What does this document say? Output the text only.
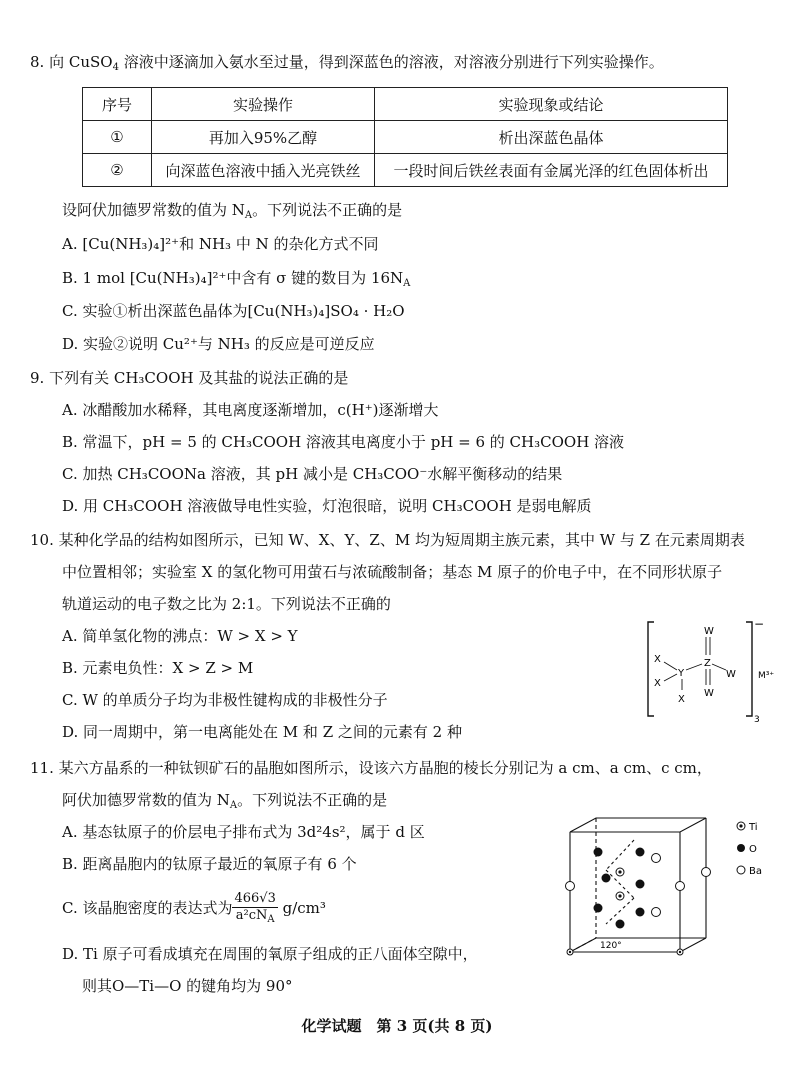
8. 向 CuSO$_4$ 溶液中逐滴加入氨水至过量，得到深蓝色的溶液，对溶液分别进行下列实验操作。
序号	实验操作	实验现象或结论
①	再加入95%乙醇	析出深蓝色晶体
②	向深蓝色溶液中插入光亮铁丝	一段时间后铁丝表面有金属光泽的红色固体析出
设阿伏加德罗常数的值为 $N_A$。下列说法不正确的是
A. [Cu(NH₃)₄]²⁺和 NH₃ 中 N 的杂化方式不同
B. 1 mol [Cu(NH₃)₄]²⁺中含有 σ 键的数目为 $16N_A$
C. 实验①析出深蓝色晶体为[Cu(NH₃)₄]SO₄ · H₂O
D. 实验②说明 Cu²⁺与 NH₃ 的反应是可逆反应
9. 下列有关 CH₃COOH 及其盐的说法正确的是
A. 冰醋酸加水稀释，其电离度逐渐增加，c(H⁺)逐渐增大
B. 常温下，pH = 5 的 CH₃COOH 溶液其电离度小于 pH = 6 的 CH₃COOH 溶液
C. 加热 CH₃COONa 溶液，其 pH 减小是 CH₃COO⁻水解平衡移动的结果
D. 用 CH₃COOH 溶液做导电性实验，灯泡很暗，说明 CH₃COOH 是弱电解质
10. 某种化学品的结构如图所示，已知 W、X、Y、Z、M 均为短周期主族元素，其中 W 与 Z 在元素周期表
中位置相邻；实验室 X 的氢化物可用萤石与浓硫酸制备；基态 M 原子的价电子中，在不同形状原子
轨道运动的电子数之比为 2:1。下列说法不正确的
A. 简单氢化物的沸点：W > X > Y
B. 元素电负性：X > Z > M
C. W 的单质分子均为非极性键构成的非极性分子
D. 同一周期中，第一电离能处在 M 和 Z 之间的元素有 2 种
−
3
M³⁺
W
Z
W
W
Y
X
X
X
11. 某六方晶系的一种钛钡矿石的晶胞如图所示，设该六方晶胞的棱长分别记为 a cm、a cm、c cm，
阿伏加德罗常数的值为 $N_A$。下列说法不正确的是
A. 基态钛原子的价层电子排布式为 3d²4s²，属于 d 区
B. 距离晶胞内的钛原子最近的氧原子有 6 个
C. 该晶胞密度的表达式为 $\frac{466√3}{a^2cN_A} g/cm^3$
D. Ti 原子可看成填充在周围的氧原子组成的正八面体空隙中，
则其O—Ti—O 的键角均为 90°
120°
Ti
O
Ba
化学试题　第 3 页(共 8 页)
